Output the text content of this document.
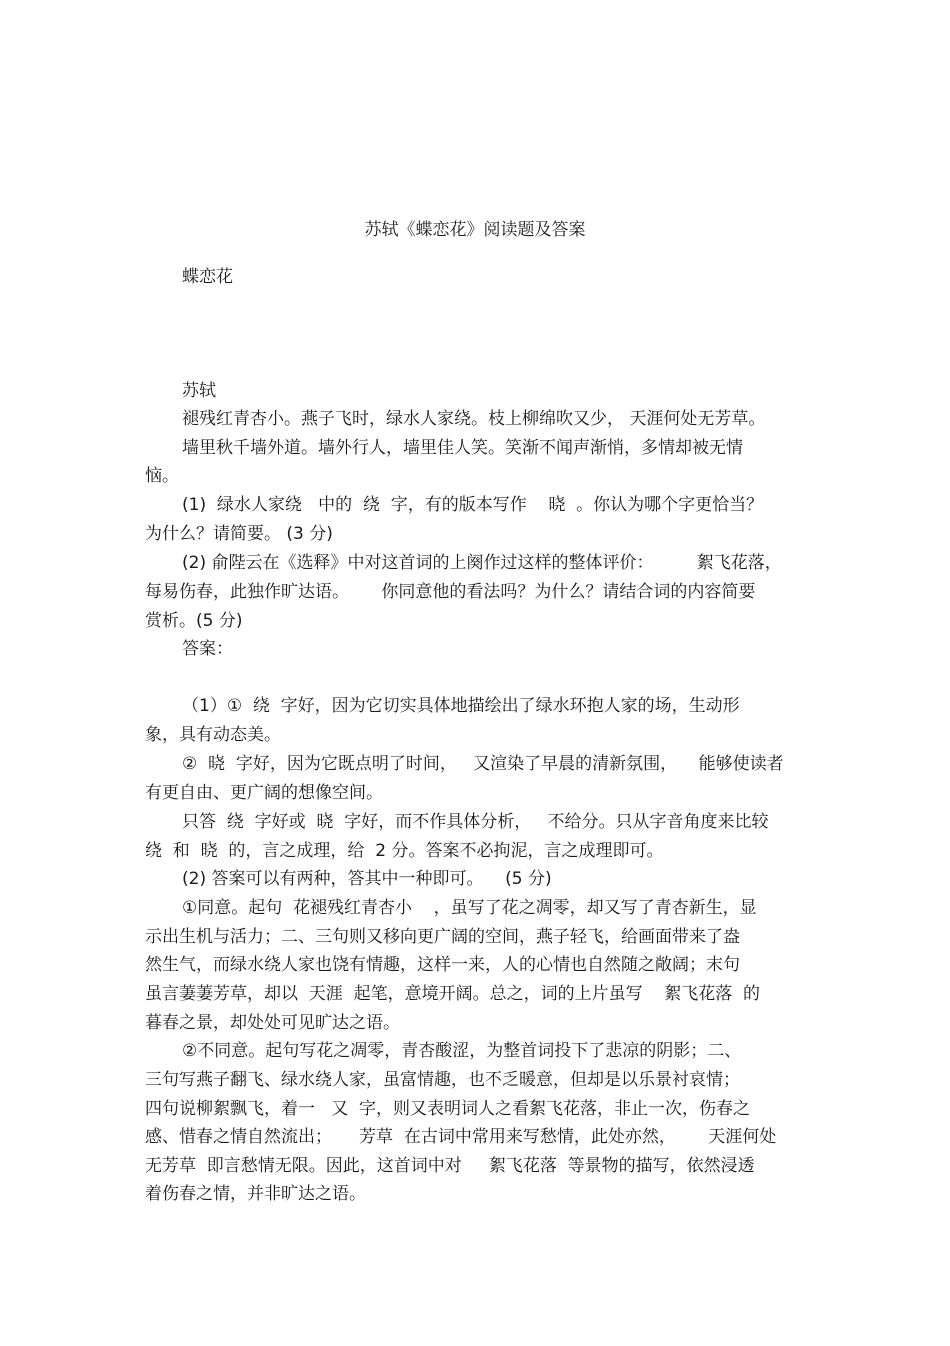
苏轼《蝶恋花》阅读题及答案
蝶恋花
苏轼
褪残红青杏小。燕子飞时，绿水人家绕。枝上柳绵吹又少， 天涯何处无芳草。
墙里秋千墙外道。墙外行人，墙里佳人笑。笑渐不闻声渐悄，多情却被无情
恼。
(1)  绿水人家绕   中的  绕  字，有的版本写作    晓  。你认为哪个字更恰当？
为什么？请简要。 (3 分)
(2) 俞陛云在《选释》中对这首词的上阕作过这样的整体评价：        絮飞花落，
每易伤春，此独作旷达语。      你同意他的看法吗？为什么？请结合词的内容简要
赏析。(5 分)
答案：
（1）①  绕  字好，因为它切实具体地描绘出了绿水环抱人家的场，生动形
象，具有动态美。
②  晓  字好，因为它既点明了时间，   又渲染了早晨的清新氛围，    能够使读者
有更自由、更广阔的想像空间。
只答  绕  字好或  晓  字好，而不作具体分析，   不给分。只从字音角度来比较
绕  和  晓  的，言之成理，给  2 分。答案不必拘泥，言之成理即可。
(2) 答案可以有两种，答其中一种即可。    (5 分)
①同意。起句  花褪残红青杏小    ，虽写了花之凋零，却又写了青杏新生，显
示出生机与活力；二、三句则又移向更广阔的空间，燕子轻飞，给画面带来了盎
然生气，而绿水绕人家也饶有情趣，这样一来，人的心情也自然随之敞阔；末句
虽言萋萋芳草，却以  天涯  起笔，意境开阔。总之，词的上片虽写    絮飞花落  的
暮春之景，却处处可见旷达之语。
②不同意。起句写花之凋零，青杏酸涩，为整首词投下了悲凉的阴影；二、
三句写燕子翻飞、绿水绕人家，虽富情趣，也不乏暖意，但却是以乐景衬哀情；
四句说柳絮飘飞，着一   又  字，则又表明词人之看絮飞花落，非止一次，伤春之
感、惜春之情自然流出；     芳草  在古词中常用来写愁情，此处亦然，      天涯何处
无芳草  即言愁情无限。因此，这首词中对     絮飞花落  等景物的描写，依然浸透
着伤春之情，并非旷达之语。
